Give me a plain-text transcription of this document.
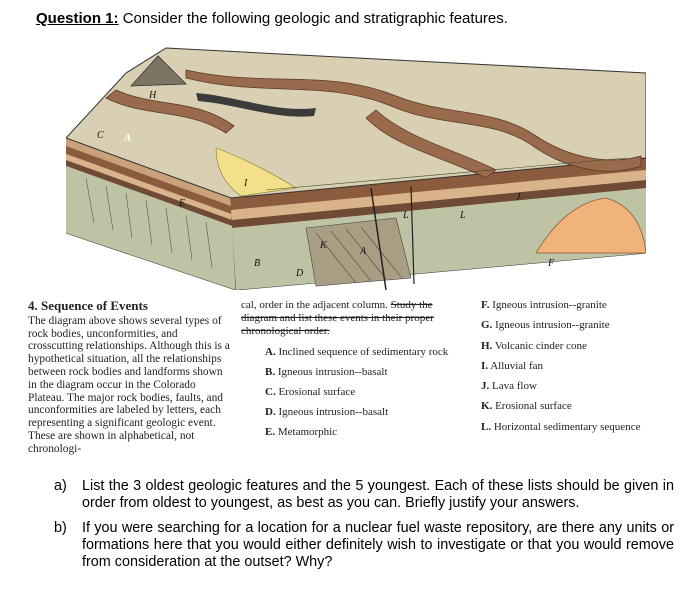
Question 1: Consider the following geologic and stratigraphic features.
H
A
C
E
B
D
K
L	L
F
J
I
A
4. Sequence of Events

The diagram above shows several types of rock bodies, unconformities, and crosscutting relationships. Although this is a hypothetical situation, all the relationships between rock bodies and landforms shown in the diagram occur in the Colorado Plateau. The major rock bodies, faults, and unconformities are labeled by letters, each representing a significant geologic event. These are shown in alphabetical, not chronologi-

cal, order in the adjacent column. Study the diagram and list these events in their proper chronological order.
A. Inclined sequence of sedimentary rock
B. Igneous intrusion--basalt
C. Erosional surface
D. Igneous intrusion--basalt
E. Metamorphic
F. Igneous intrusion--granite
G. Igneous intrusion--granite
H. Volcanic cinder cone
I. Alluvial fan
J. Lava flow
K. Erosional surface
L. Horizontal sedimentary sequence
a)	List the 3 oldest geologic features and the 5 youngest. Each of these lists should be given in order from oldest to youngest, as best as you can. Briefly justify your answers.
b)	If you were searching for a location for a nuclear fuel waste repository, are there any units or formations here that you would either definitely wish to investigate or that you would remove from consideration at the outset? Why?
